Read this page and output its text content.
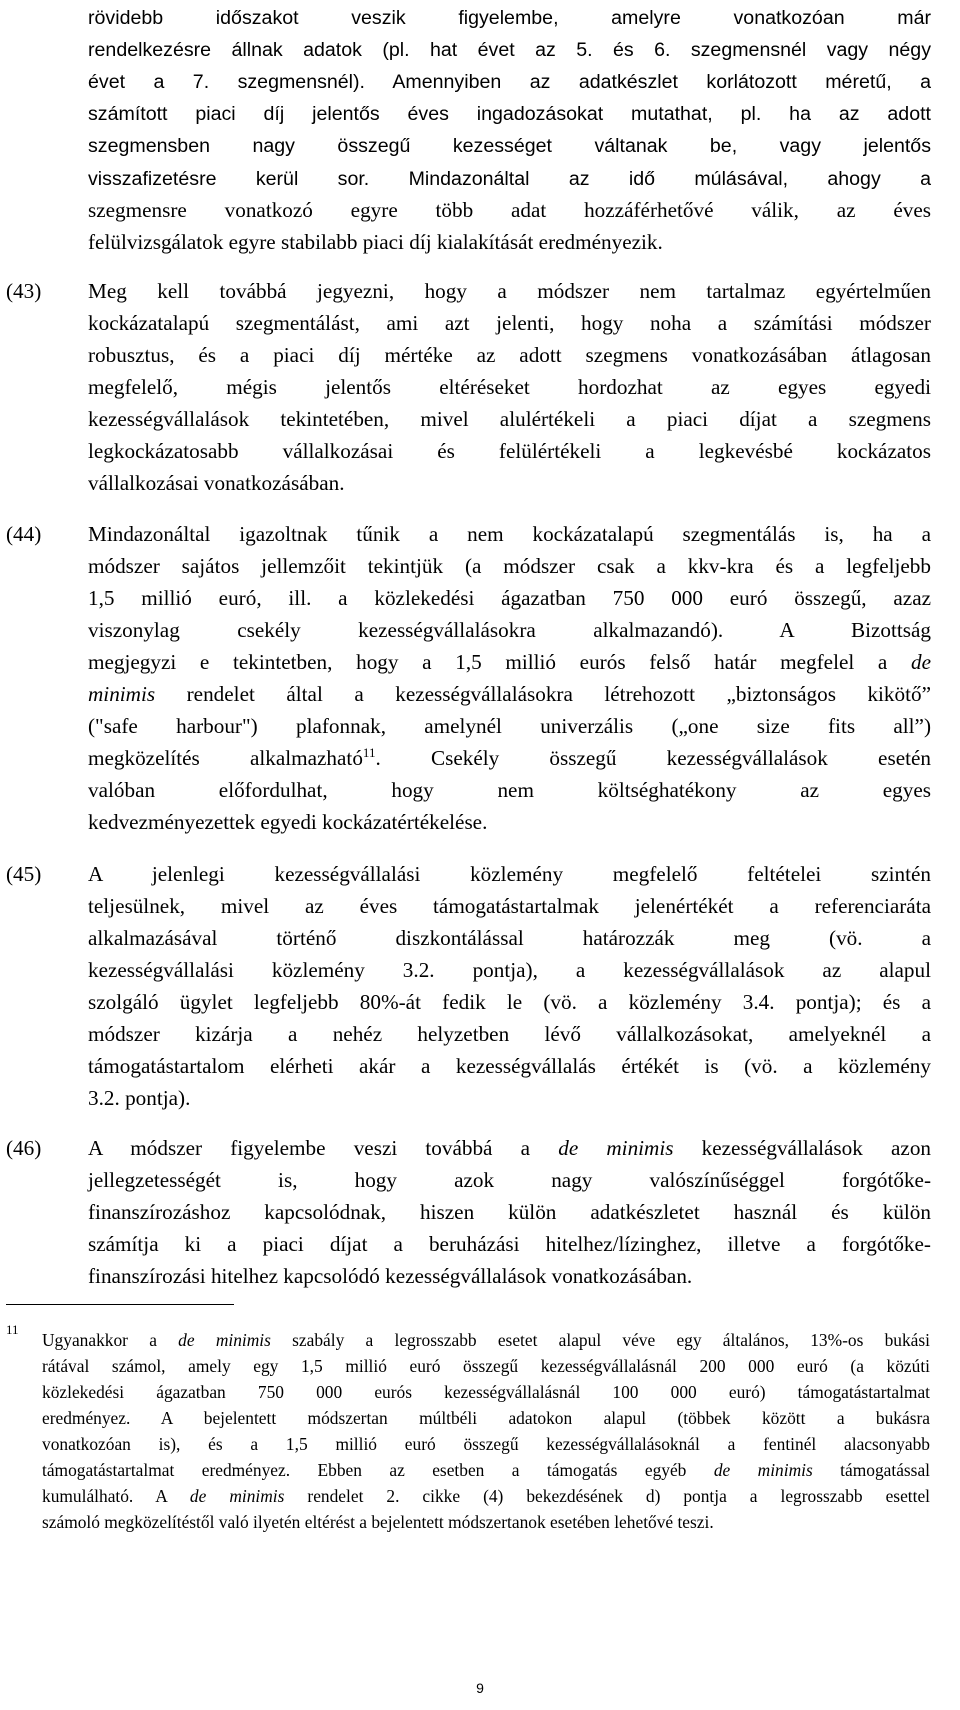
rövidebb időszakot veszik figyelembe, amelyre vonatkozóan már
rendelkezésre állnak adatok (pl. hat évet az 5. és 6. szegmensnél vagy négy
évet a 7. szegmensnél). Amennyiben az adatkészlet korlátozott méretű, a
számított piaci díj jelentős éves ingadozásokat mutathat, pl. ha az adott
szegmensben nagy összegű kezességet váltanak be, vagy jelentős
visszafizetésre kerül sor. Mindazonáltal az idő múlásával, ahogy a
szegmensre vonatkozó egyre több adat hozzáférhetővé válik, az éves
felülvizsgálatok egyre stabilabb piaci díj kialakítását eredményezik.
(43) Meg kell továbbá jegyezni, hogy a módszer nem tartalmaz egyértelműen
kockázatalapú szegmentálást, ami azt jelenti, hogy noha a számítási módszer
robusztus, és a piaci díj mértéke az adott szegmens vonatkozásában átlagosan
megfelelő, mégis jelentős eltéréseket hordozhat az egyes egyedi
kezességvállalások tekintetében, mivel alulértékeli a piaci díjat a szegmens
legkockázatosabb vállalkozásai és felülértékeli a legkevésbé kockázatos
vállalkozásai vonatkozásában.
(44) Mindazonáltal igazoltnak tűnik a nem kockázatalapú szegmentálás is, ha a
módszer sajátos jellemzőit tekintjük (a módszer csak a kkv-kra és a legfeljebb
1,5 millió euró, ill. a közlekedési ágazatban 750 000 euró összegű, azaz
viszonylag csekély kezességvállalásokra alkalmazandó). A Bizottság
megjegyzi e tekintetben, hogy a 1,5 millió eurós felső határ megfelel a de
minimis rendelet által a kezességvállalásokra létrehozott „biztonságos kikötő”
("safe harbour") plafonnak, amelynél univerzális („one size fits all”)
megközelítés alkalmazható$^{11}$. Csekély összegű kezességvállalások esetén
valóban előfordulhat, hogy nem költséghatékony az egyes
kedvezményezettek egyedi kockázatértékelése.
(45) A jelenlegi kezességvállalási közlemény megfelelő feltételei szintén
teljesülnek, mivel az éves támogatástartalmak jelenértékét a referenciaráta
alkalmazásával történő diszkontálással határozzák meg (vö. a
kezességvállalási közlemény 3.2. pontja), a kezességvállalások az alapul
szolgáló ügylet legfeljebb 80%-át fedik le (vö. a közlemény 3.4. pontja); és a
módszer kizárja a nehéz helyzetben lévő vállalkozásokat, amelyeknél a
támogatástartalom elérheti akár a kezességvállalás értékét is (vö. a közlemény
3.2. pontja).
(46) A módszer figyelembe veszi továbbá a de minimis kezességvállalások azon
jellegzetességét is, hogy azok nagy valószínűséggel forgótőke-
finanszírozáshoz kapcsolódnak, hiszen külön adatkészletet használ és külön
számítja ki a piaci díjat a beruházási hitelhez/lízinghez, illetve a forgótőke-
finanszírozási hitelhez kapcsolódó kezességvállalások vonatkozásában.
11
Ugyanakkor a de minimis szabály a legrosszabb esetet alapul véve egy általános, 13%-os bukási
rátával számol, amely egy 1,5 millió euró összegű kezességvállalásnál 200 000 euró (a közúti
közlekedési ágazatban 750 000 eurós kezességvállalásnál 100 000 euró) támogatástartalmat
eredményez. A bejelentett módszertan múltbéli adatokon alapul (többek között a bukásra
vonatkozóan is), és a 1,5 millió euró összegű kezességvállalásoknál a fentinél alacsonyabb
támogatástartalmat eredményez. Ebben az esetben a támogatás egyéb de minimis támogatással
kumulálható. A de minimis rendelet 2. cikke (4) bekezdésének d) pontja a legrosszabb esettel
számoló megközelítéstől való ilyetén eltérést a bejelentett módszertanok esetében lehetővé teszi.
9
